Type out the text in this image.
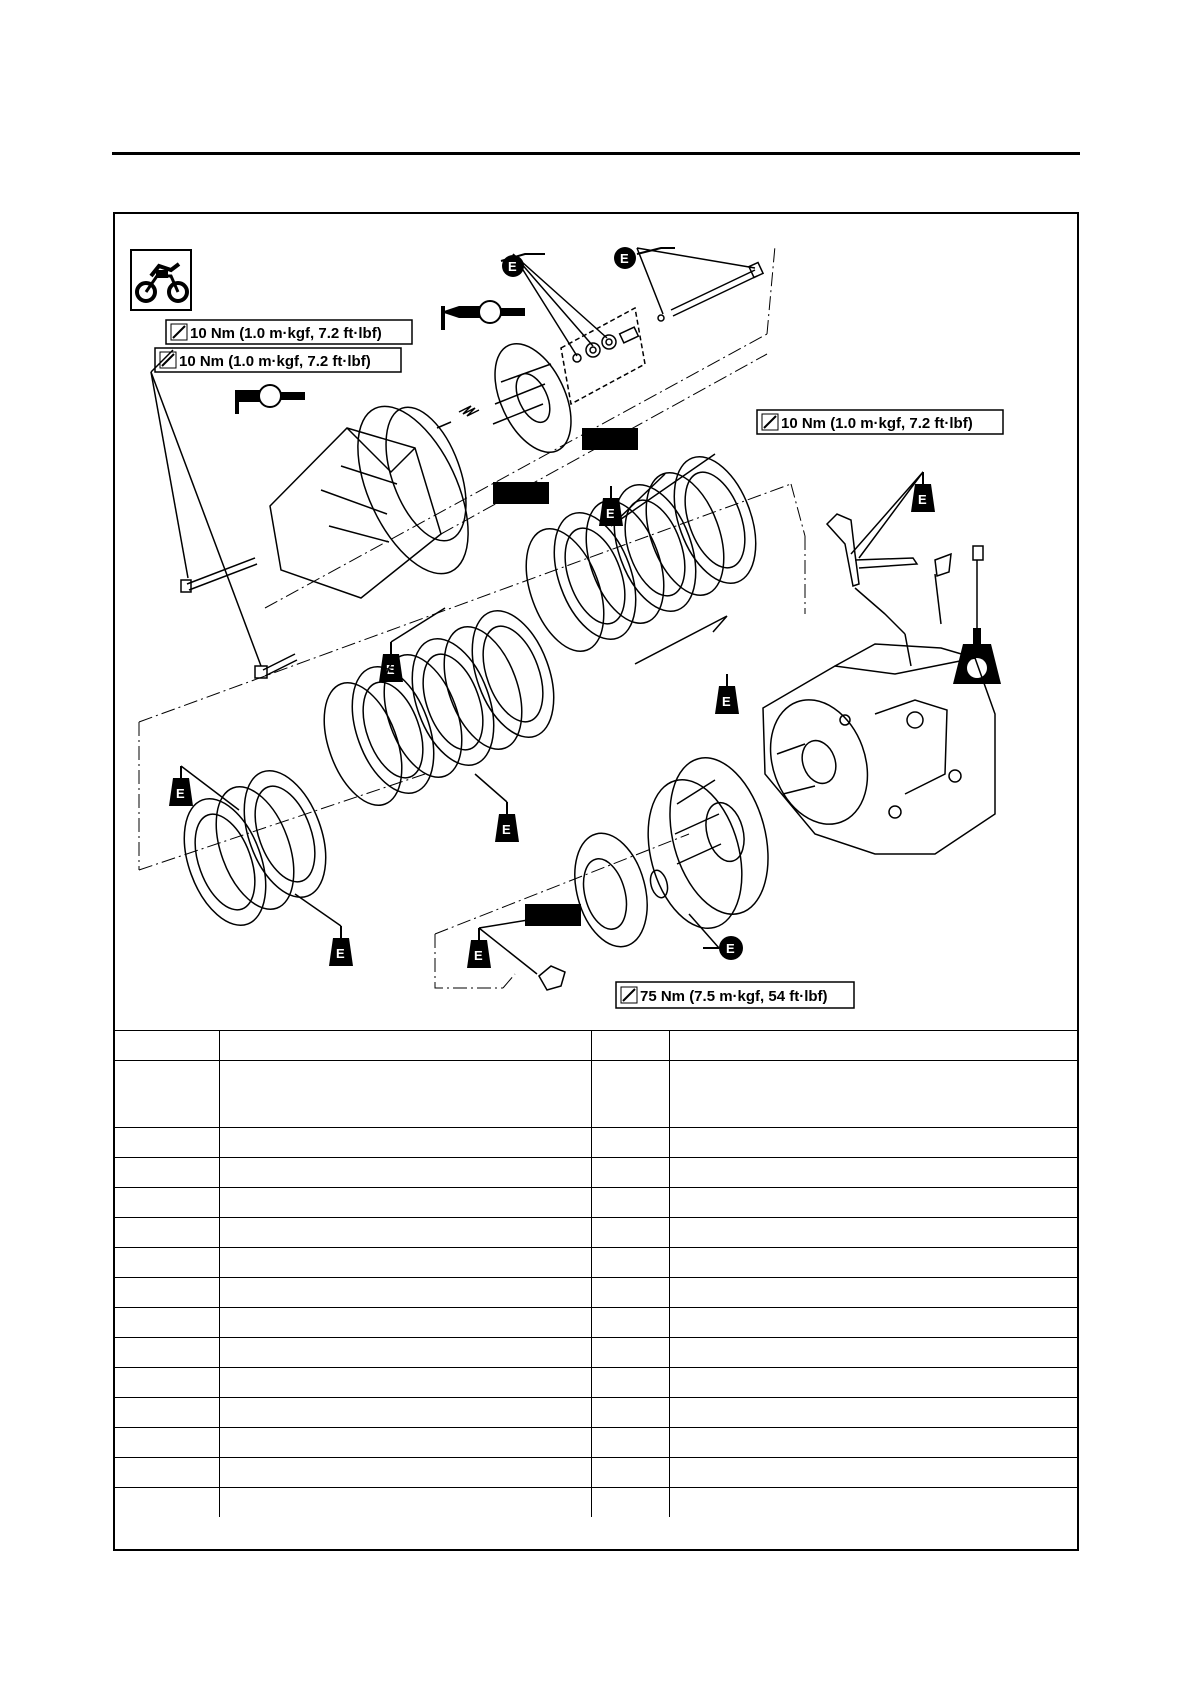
10 Nm (1.0 m·kgf, 7.2 ft·lbf)
10 Nm (1.0 m·kgf, 7.2 ft·lbf)
10 Nm (1.0 m·kgf, 7.2 ft·lbf)
75 Nm (7.5 m·kgf, 54 ft·lbf)
E
E
E
E
E
E
E
E
E	E	E
